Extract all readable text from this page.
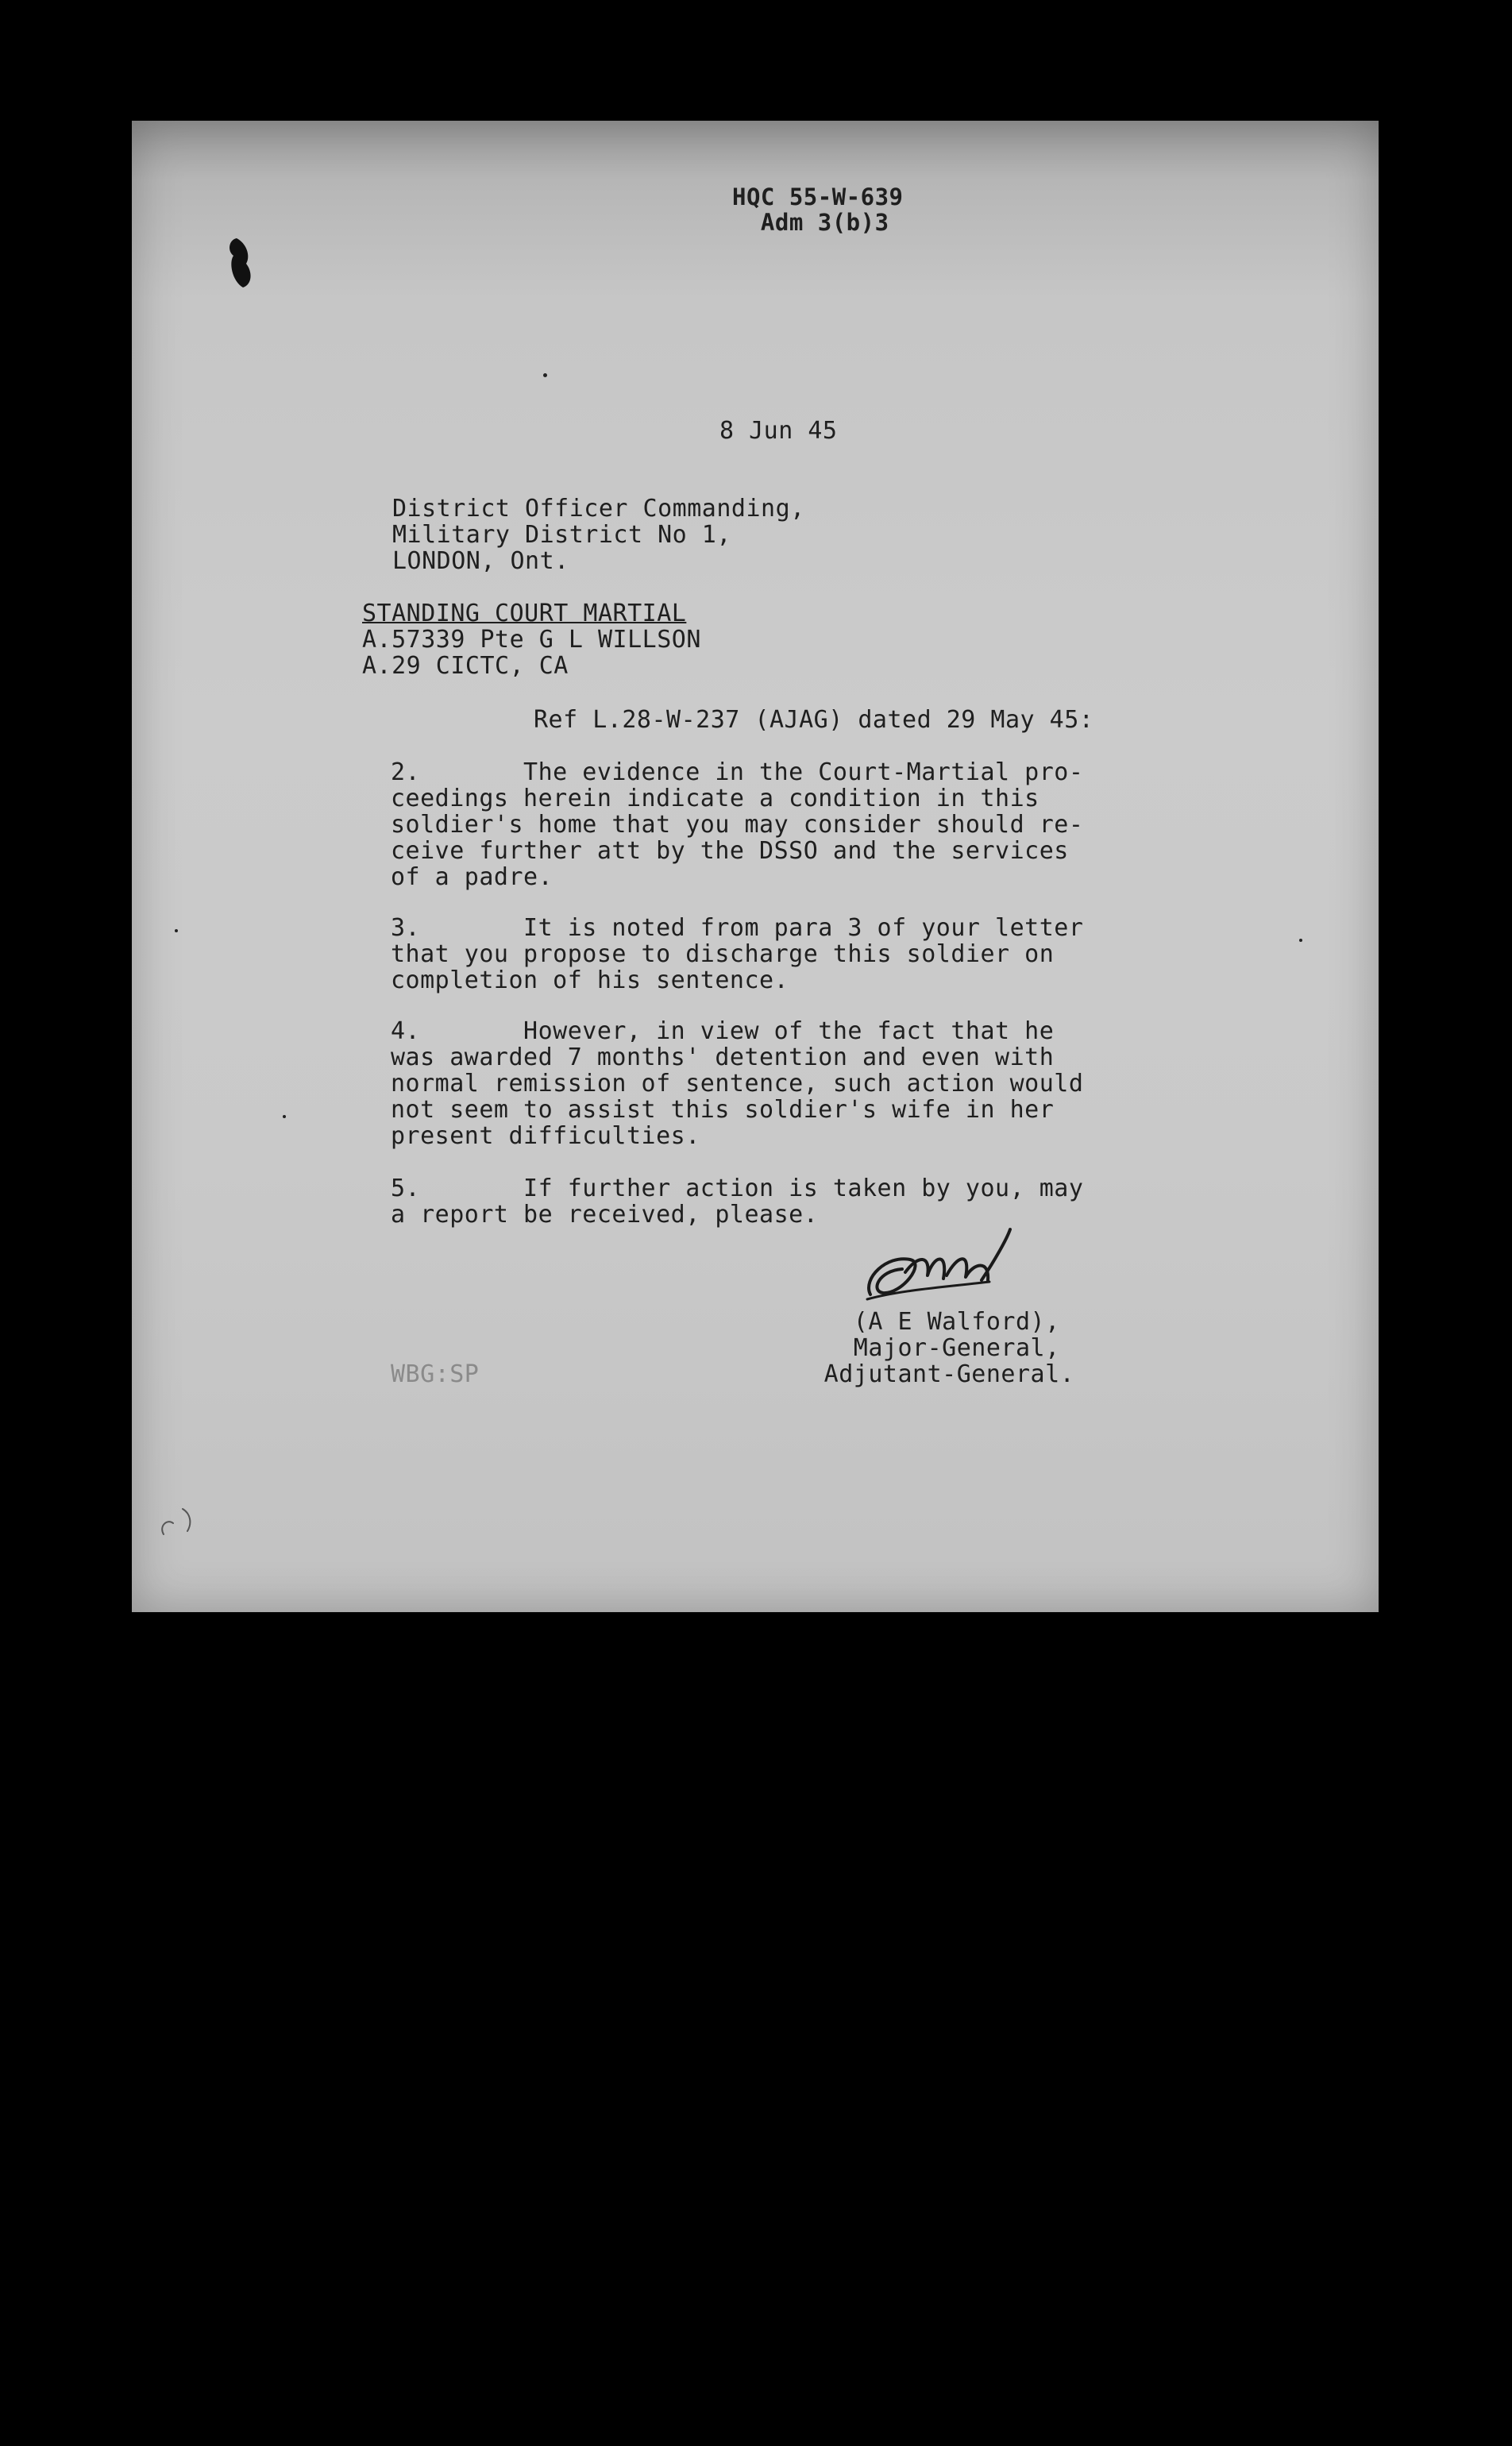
HQC 55-W-639
Adm 3(b)3
8 Jun 45
District Officer Commanding,
Military District No 1,
LONDON, Ont.
STANDING COURT MARTIAL
A.57339 Pte G L WILLSON
A.29 CICTC, CA
Ref L.28-W-237 (AJAG) dated 29 May 45:
2.       The evidence in the Court-Martial pro-
ceedings herein indicate a condition in this
soldier's home that you may consider should re-
ceive further att by the DSSO and the services
of a padre.
3.       It is noted from para 3 of your letter
that you propose to discharge this soldier on
completion of his sentence.
4.       However, in view of the fact that he
was awarded 7 months' detention and even with
normal remission of sentence, such action would
not seem to assist this soldier's wife in her
present difficulties.
5.       If further action is taken by you, may
a report be received, please.
(A E Walford),
Major-General,
Adjutant-General.
WBG:SP
